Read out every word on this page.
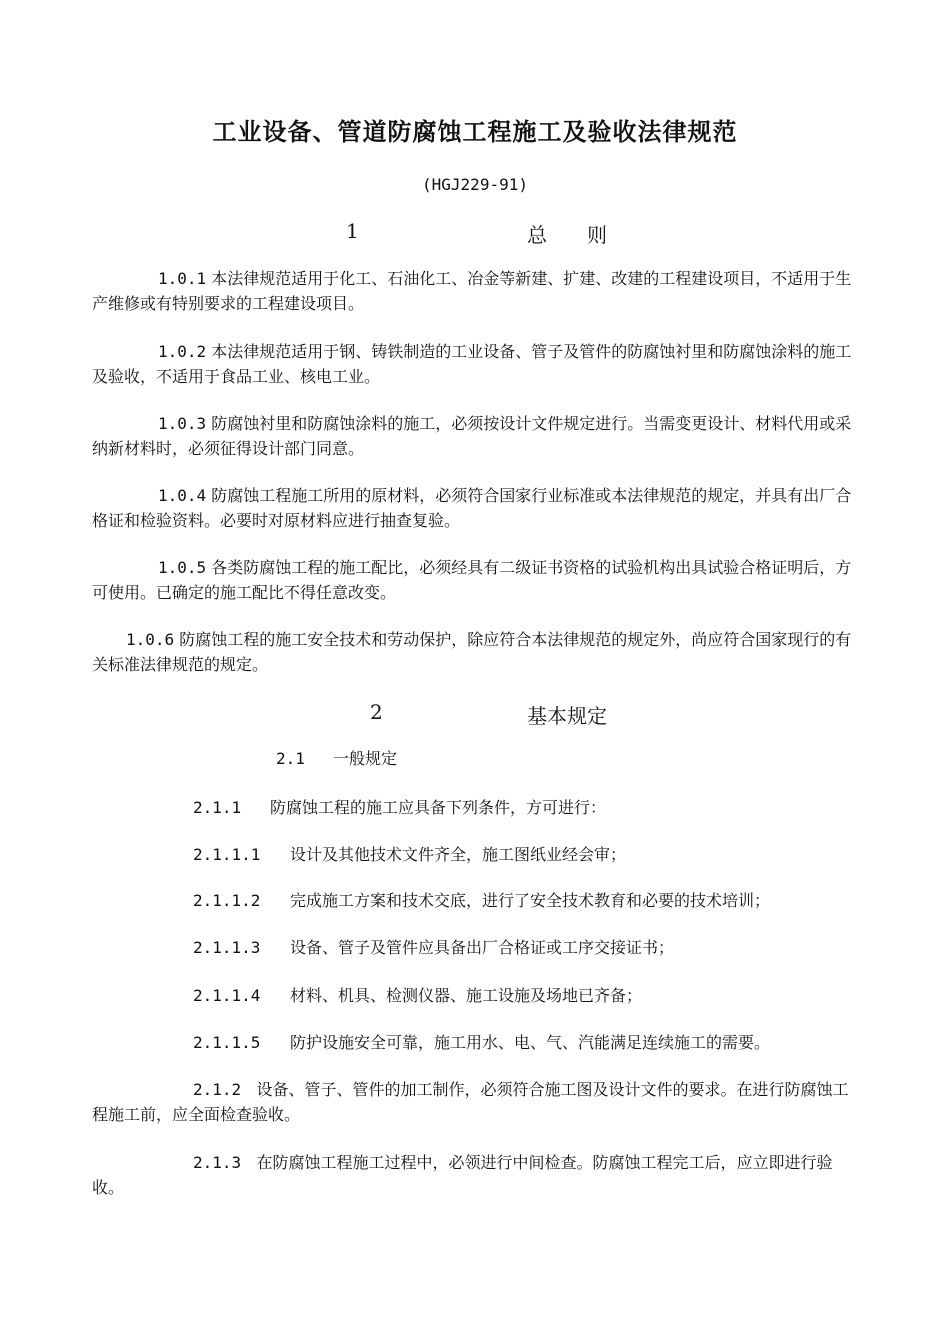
工业设备、管道防腐蚀工程施工及验收法律规范
(HGJ229-91)
1	总　　则
1.0.1 本法律规范适用于化工、石油化工、冶金等新建、扩建、改建的工程建设项目，不适用于生产维修或有特别要求的工程建设项目。
1.0.2 本法律规范适用于钢、铸铁制造的工业设备、管子及管件的防腐蚀衬里和防腐蚀涂料的施工及验收，不适用于食品工业、核电工业。
1.0.3 防腐蚀衬里和防腐蚀涂料的施工，必须按设计文件规定进行。当需变更设计、材料代用或采纳新材料时，必须征得设计部门同意。
1.0.4 防腐蚀工程施工所用的原材料，必须符合国家行业标准或本法律规范的规定，并具有出厂合格证和检验资料。必要时对原材料应进行抽查复验。
1.0.5 各类防腐蚀工程的施工配比，必须经具有二级证书资格的试验机构出具试验合格证明后，方可使用。已确定的施工配比不得任意改变。
1.0.6 防腐蚀工程的施工安全技术和劳动保护，除应符合本法律规范的规定外，尚应符合国家现行的有关标准法律规范的规定。
2	基本规定
2.1 一般规定
2.1.1 防腐蚀工程的施工应具备下列条件，方可进行：
2.1.1.1 设计及其他技术文件齐全，施工图纸业经会审；
2.1.1.2 完成施工方案和技术交底，进行了安全技术教育和必要的技术培训；
2.1.1.3 设备、管子及管件应具备出厂合格证或工序交接证书；
2.1.1.4 材料、机具、检测仪器、施工设施及场地已齐备；
2.1.1.5 防护设施安全可靠，施工用水、电、气、汽能满足连续施工的需要。
2.1.2 设备、管子、管件的加工制作，必须符合施工图及设计文件的要求。在进行防腐蚀工程施工前，应全面检查验收。
2.1.3 在防腐蚀工程施工过程中，必领进行中间检查。防腐蚀工程完工后，应立即进行验收。
